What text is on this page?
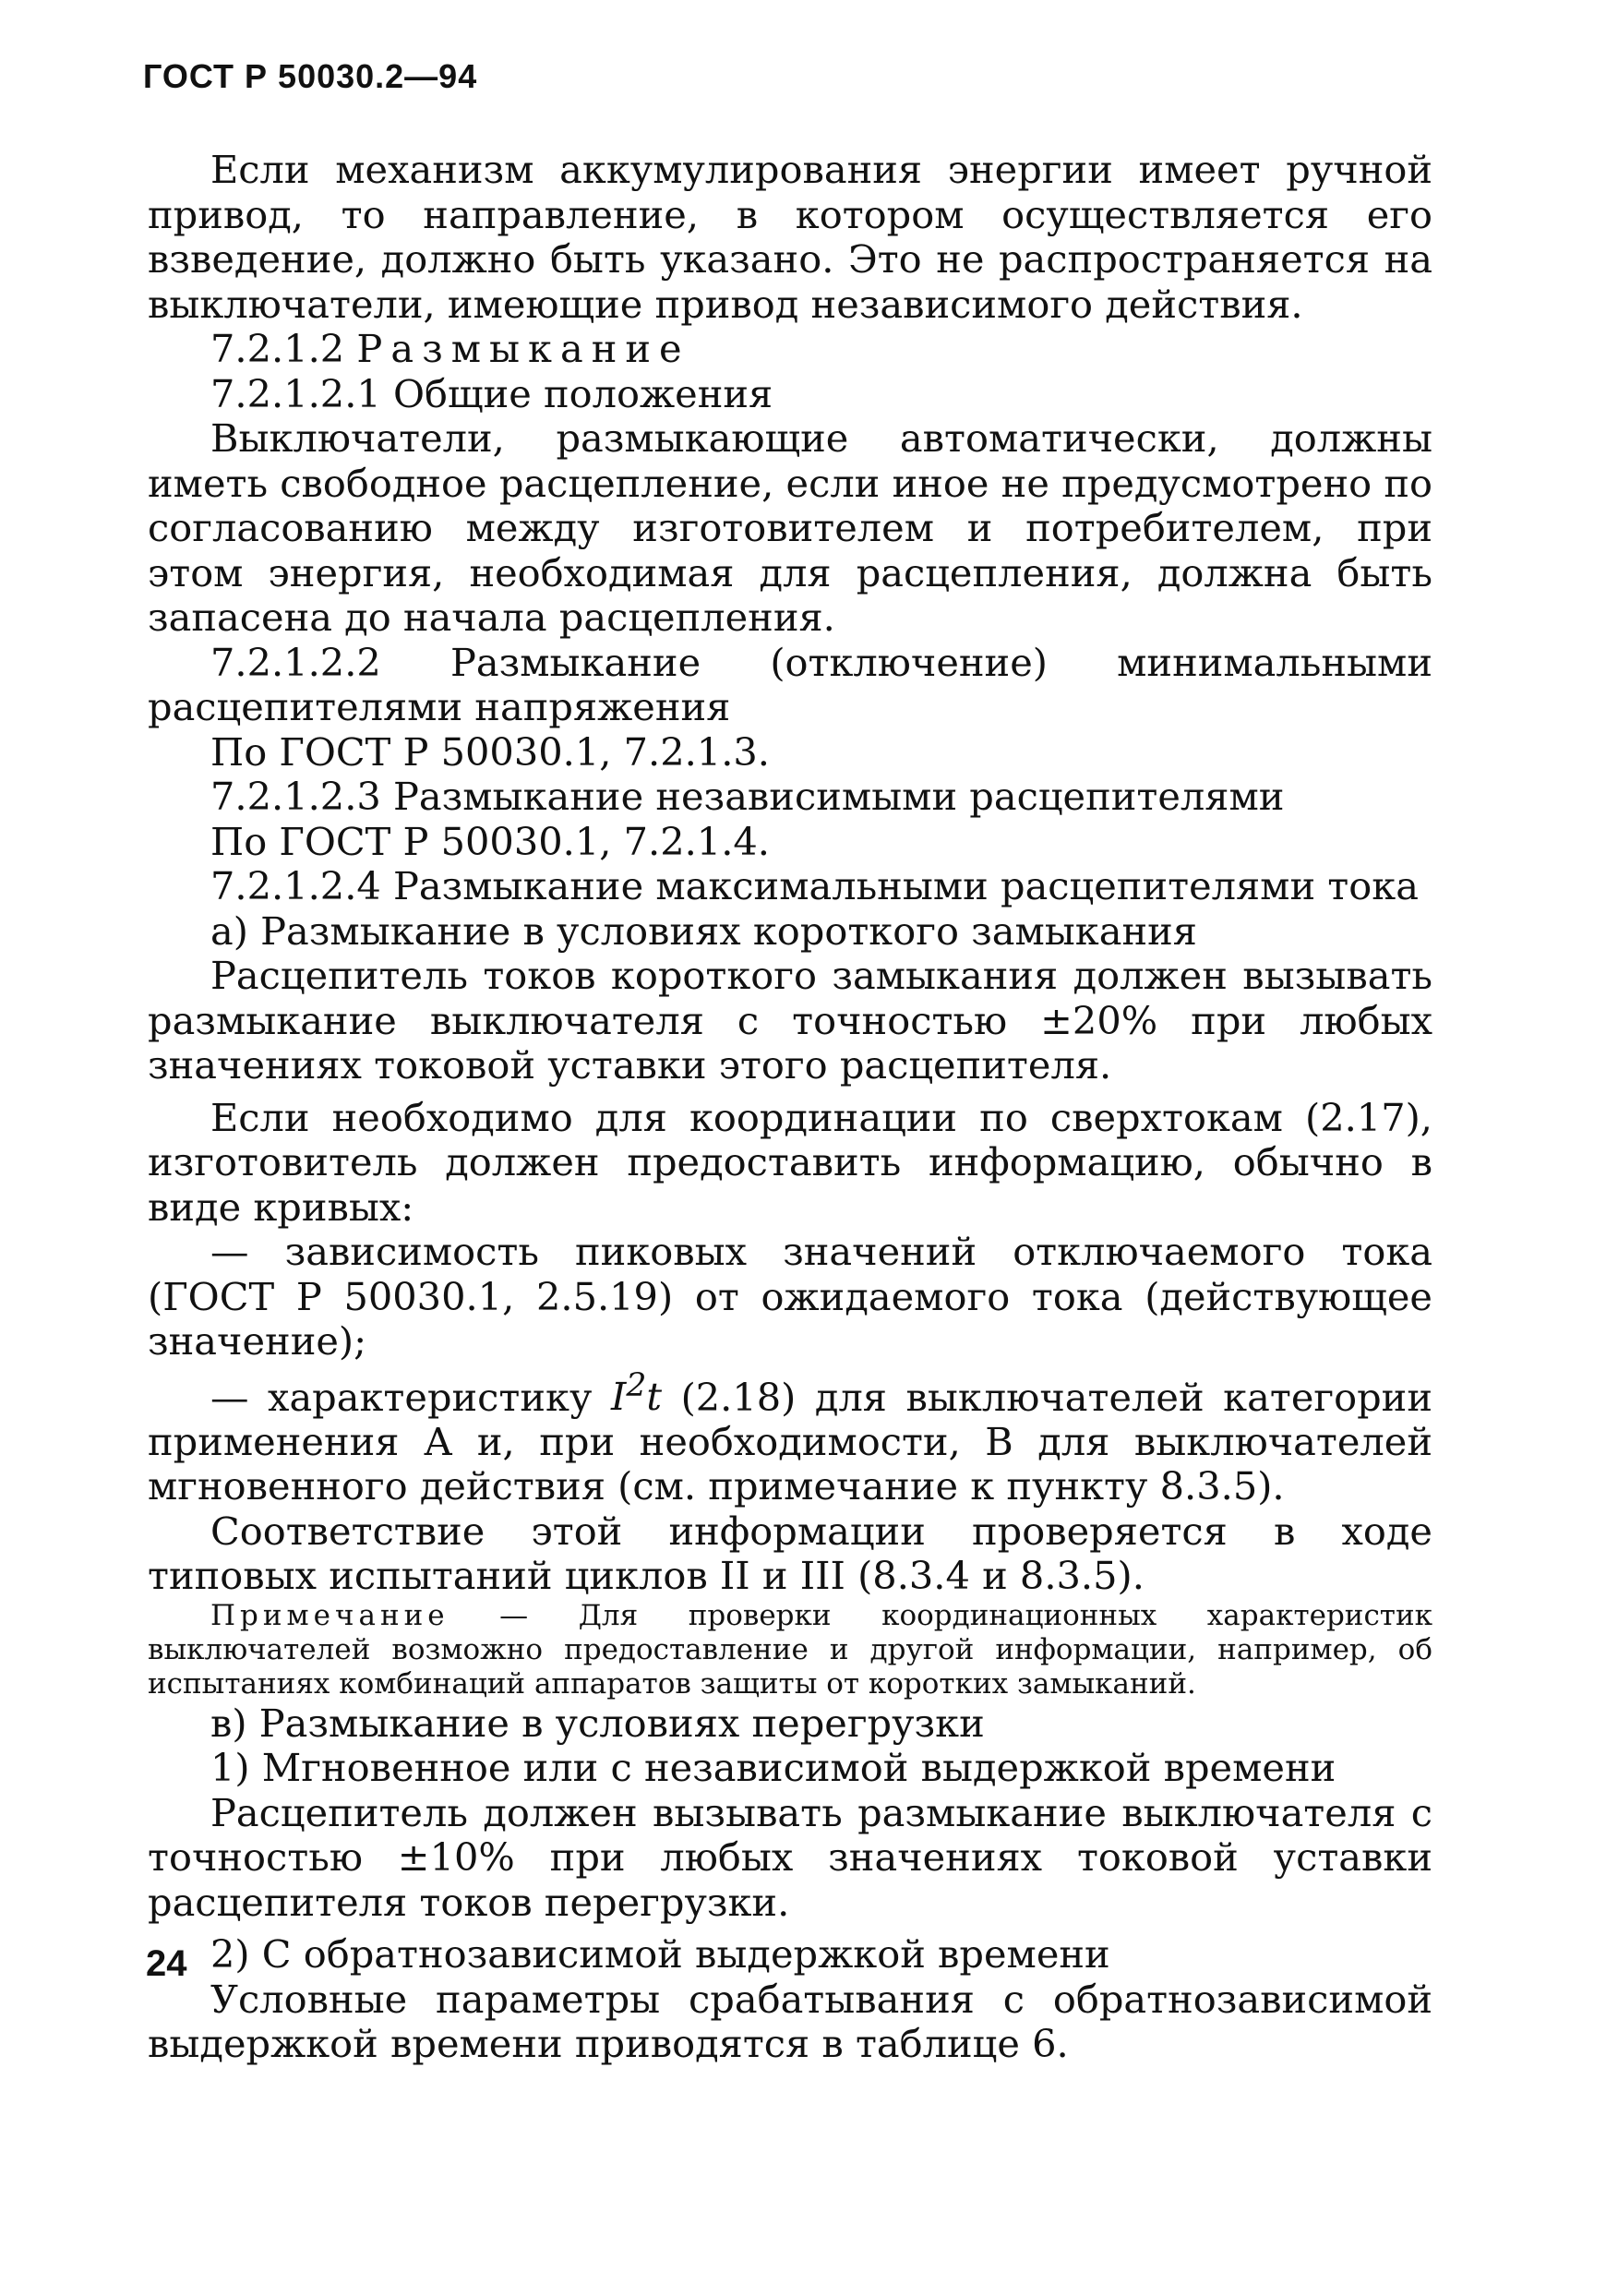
ГОСТ Р 50030.2—94

Если механизм аккумулирования энергии имеет ручной привод, то направление, в котором осуществляется его взведение, должно быть указано. Это не распространяется на выключатели, имеющие привод независимого действия.

7.2.1.2 Размыкание

7.2.1.2.1 Общие положения

Выключатели, размыкающие автоматически, должны иметь свободное расцепление, если иное не предусмотрено по согласованию между изготовителем и потребителем, при этом энергия, необходимая для расцепления, должна быть запасена до начала расцепления.

7.2.1.2.2 Размыкание (отключение) минимальными расцепителями напряжения

По ГОСТ Р 50030.1, 7.2.1.3.

7.2.1.2.3 Размыкание независимыми расцепителями

По ГОСТ Р 50030.1, 7.2.1.4.

7.2.1.2.4 Размыкание максимальными расцепителями тока

а) Размыкание в условиях короткого замыкания

Расцепитель токов короткого замыкания должен вызывать размыкание выключателя с точностью ±20% при любых значениях токовой уставки этого расцепителя.

Если необходимо для координации по сверхтокам (2.17), изготовитель должен предоставить информацию, обычно в виде кривых:

— зависимость пиковых значений отключаемого тока (ГОСТ Р 50030.1, 2.5.19) от ожидаемого тока (действующее значение);

— характеристику $I^2t$ (2.18) для выключателей категории применения А и, при необходимости, В для выключателей мгновенного действия (см. примечание к пункту 8.3.5).

Соответствие этой информации проверяется в ходе типовых испытаний циклов II и III (8.3.4 и 8.3.5).

Примечание — Для проверки координационных характеристик выключателей возможно предоставление и другой информации, например, об испытаниях комбинаций аппаратов защиты от коротких замыканий.

в) Размыкание в условиях перегрузки

1) Мгновенное или с независимой выдержкой времени

Расцепитель должен вызывать размыкание выключателя с точностью ±10% при любых значениях токовой уставки расцепителя токов перегрузки.

2) С обратнозависимой выдержкой времени

Условные параметры срабатывания с обратнозависимой выдержкой времени приводятся в таблице 6.

24
